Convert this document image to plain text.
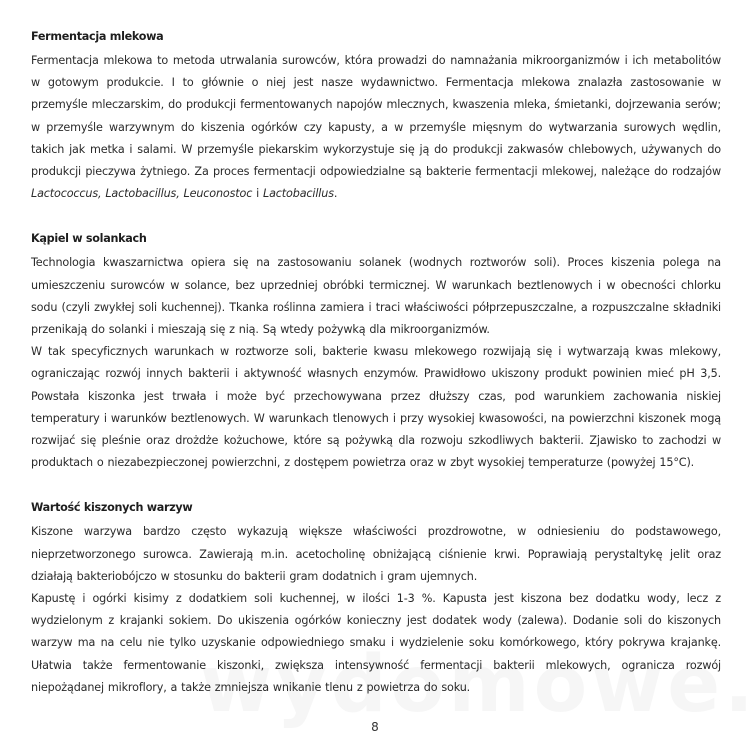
Fermentacja mlekowa

Fermentacja mlekowa to metoda utrwalania surowców, która prowadzi do namnażania mikroorganizmów i ich metabolitów w gotowym produkcie. I to głównie o niej jest nasze wydawnictwo. Fermentacja mlekowa znalazła zastosowanie w przemyśle mleczarskim, do produkcji fermentowanych napojów mlecznych, kwaszenia mleka, śmietanki, dojrzewania serów; w przemyśle warzywnym do kiszenia ogórków czy kapusty, a w przemyśle mięsnym do wytwarzania surowych wędlin, takich jak metka i salami. W przemyśle piekarskim wykorzystuje się ją do produkcji zakwasów chlebowych, używanych do produkcji pieczywa żytniego. Za proces fermentacji odpowiedzialne są bakterie fermentacji mlekowej, należące do rodzajów Lactococcus, Lactobacillus, Leuconostoc i Lactobacillus.

Kąpiel w solankach

Technologia kwaszarnictwa opiera się na zastosowaniu solanek (wodnych roztworów soli). Proces kiszenia polega na umieszczeniu surowców w solance, bez uprzedniej obróbki termicznej. W warunkach beztlenowych i w obecności chlorku sodu (czyli zwykłej soli kuchennej). Tkanka roślinna zamiera i traci właściwości półprzepuszczalne, a rozpuszczalne składniki przenikają do solanki i mieszają się z nią. Są wtedy pożywką dla mikroorganizmów.

W tak specyficznych warunkach w roztworze soli, bakterie kwasu mlekowego rozwijają się i wytwarzają kwas mlekowy, ograniczając rozwój innych bakterii i aktywność własnych enzymów. Prawidłowo ukiszony produkt powinien mieć pH 3,5. Powstała kiszonka jest trwała i może być przechowywana przez dłuższy czas, pod warunkiem zachowania niskiej temperatury i warunków beztlenowych. W warunkach tlenowych i przy wysokiej kwasowości, na powierzchni kiszonek mogą rozwijać się pleśnie oraz drożdże kożuchowe, które są pożywką dla rozwoju szkodliwych bakterii. Zjawisko to zachodzi w produktach o niezabezpieczonej powierzchni, z dostępem powietrza oraz w zbyt wysokiej temperaturze (powyżej 15°C).

Wartość kiszonych warzyw

Kiszone warzywa bardzo często wykazują większe właściwości prozdrowotne, w odniesieniu do podstawowego, nieprzetworzonego surowca. Zawierają m.in. acetocholinę obniżającą ciśnienie krwi. Poprawiają perystaltykę jelit oraz działają bakteriobójczo w stosunku do bakterii gram dodatnich i gram ujemnych.

Kapustę i ogórki kisimy z dodatkiem soli kuchennej, w ilości 1-3 %. Kapusta jest kiszona bez dodatku wody, lecz z wydzielonym z krajanki sokiem. Do ukiszenia ogórków konieczny jest dodatek wody (zalewa). Dodanie soli do kiszonych warzyw ma na celu nie tylko uzyskanie odpowiedniego smaku i wydzielenie soku komórkowego, który pokrywa krajankę. Ułatwia także fermentowanie kiszonki, zwiększa intensywność fermentacji bakterii mlekowych, ogranicza rozwój niepożądanej mikroflory, a także zmniejsza wnikanie tlenu z powietrza do soku.

8
